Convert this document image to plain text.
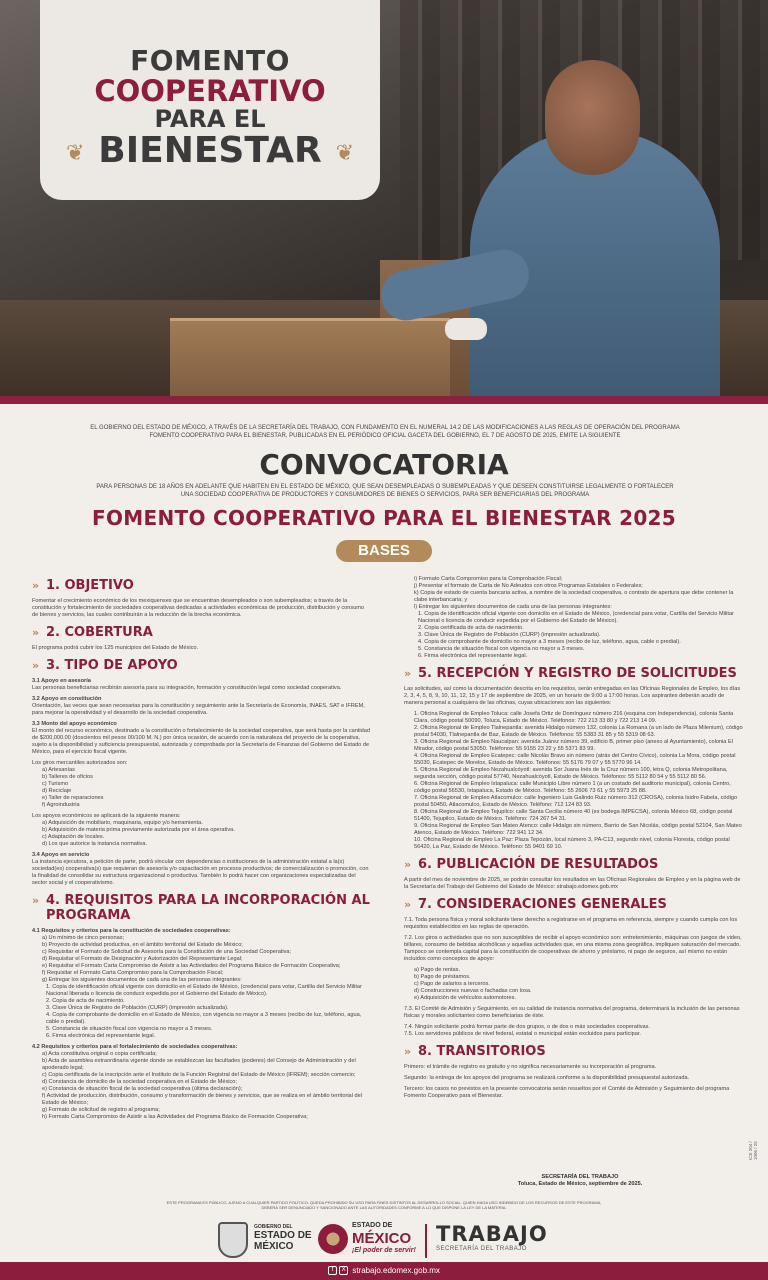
FOMENTO
COOPERATIVO
PARA EL
BIENESTAR
❦	❦
EL GOBIERNO DEL ESTADO DE MÉXICO, A TRAVÉS DE LA SECRETARÍA DEL TRABAJO, CON FUNDAMENTO EN EL NUMERAL 14.2 DE LAS MODIFICACIONES A LAS REGLAS DE OPERACIÓN DEL PROGRAMA FOMENTO COOPERATIVO PARA EL BIENESTAR, PUBLICADAS EN EL PERIÓDICO OFICIAL GACETA DEL GOBIERNO, EL 7 DE AGOSTO DE 2025, EMITE LA SIGUIENTE
CONVOCATORIA
PARA PERSONAS DE 18 AÑOS EN ADELANTE QUE HABITEN EN EL ESTADO DE MÉXICO, QUE SEAN DESEMPLEADAS O SUBEMPLEADAS Y QUE DESEEN CONSTITUIRSE LEGALMENTE O FORTALECER UNA SOCIEDAD COOPERATIVA DE PRODUCTORES Y CONSUMIDORES DE BIENES O SERVICIOS, PARA SER BENEFICIARIAS DEL PROGRAMA
FOMENTO COOPERATIVO PARA EL BIENESTAR 2025
BASES
» 1. OBJETIVO
Fomentar el crecimiento económico de los mexiquenses que se encuentran desempleados o son subempleados; a través de la constitución y fortalecimiento de sociedades cooperativas dedicadas a actividades económicas de producción, distribución y consumo de bienes y servicios, las cuales contribuirán a la reducción de la brecha económica.
» 2. COBERTURA
El programa podrá cubrir los 125 municipios del Estado de México.
» 3. TIPO DE APOYO
3.1 Apoyo en asesoría
Las personas beneficiarias recibirán asesoría para su integración, formación y constitución legal como sociedad cooperativa.
3.2 Apoyo en constitución
Orientación, las veces que sean necesarias para la constitución y seguimiento ante la Secretaría de Economía, INAES, SAT e IFREM, para mejorar la operatividad y el desarrollo de la sociedad cooperativa.
3.3 Monto del apoyo económico
El monto del recurso económico, destinado a la constitución o fortalecimiento de la sociedad cooperativa, que será hasta por la cantidad de $200,000.00 (doscientos mil pesos 00/100 M. N.) por única ocasión, de acuerdo con la naturaleza del proyecto de la cooperativa, sujeto a la disponibilidad y suficiencia presupuestal, autorizada y comprobada por la Secretaría de Finanzas del Gobierno del Estado de México, para el ejercicio fiscal vigente.
Los giros mercantiles autorizados son:
a) Artesanías
b) Talleres de oficios
c) Turismo
d) Reciclaje
e) Taller de reparaciones
f) Agroindustria
Los apoyos económicos se aplicará de la siguiente manera:
a) Adquisición de mobiliario, maquinaria, equipo y/o herramienta.
b) Adquisición de materia prima previamente autorizada por el área operativa.
c) Adaptación de locales.
d) Los que autorice la instancia normativa.
3.4 Apoyo en servicio
La instancia ejecutora, a petición de parte, podrá vincular con dependencias o instituciones de la administración estatal a la(s) sociedad(es) cooperativa(s) que requieran de asesoría y/o capacitación en procesos productivos; de comercialización o promoción, con la finalidad de consolidar su estructura organizacional o productiva. También lo podrá hacer con organizaciones especializadas del sector social y el cooperativismo.
» 4. REQUISITOS PARA LA INCORPORACIÓN AL PROGRAMA
4.1 Requisitos y criterios para la constitución de sociedades cooperativas:
a) Un mínimo de cinco personas;
b) Proyecto de actividad productiva, en el ámbito territorial del Estado de México;
c) Requisitar el Formato de Solicitud de Asesoría para la Constitución de una Sociedad Cooperativa;
d) Requisitar el Formato de Designación y Autorización del Representante Legal;
e) Requisitar el Formato Carta Compromiso de Asistir a las Actividades del Programa Básico de Formación Cooperativa;
f) Requisitar el Formato Carta Compromiso para la Comprobación Fiscal;
g) Entregar los siguientes documentos de cada una de las personas integrantes:
1. Copia de identificación oficial vigente con domicilio en el Estado de México, (credencial para votar, Cartilla del Servicio Militar Nacional liberada o licencia de conducir expedida por el Gobierno del Estado de México).
2. Copia de acta de nacimiento.
3. Clave Única de Registro de Población (CURP) (impresión actualizada).
4. Copia de comprobante de domicilio en el Estado de México, con vigencia no mayor a 3 meses (recibo de luz, teléfono, agua, cable o predial).
5. Constancia de situación fiscal con vigencia no mayor a 3 meses.
6. Firma electrónica del representante legal.
4.2 Requisitos y criterios para el fortalecimiento de sociedades cooperativas:
a) Acta constitutiva original o copia certificada;
b) Acta de asamblea extraordinaria vigente donde se establezcan las facultades (poderes) del Consejo de Administración y del apoderado legal;
c) Copia certificada de la inscripción ante el Instituto de la Función Registral del Estado de México (IFREM); sección comercio;
d) Constancia de domicilio de la sociedad cooperativa en el Estado de México;
e) Constancia de situación fiscal de la sociedad cooperativa (última declaración);
f) Actividad de producción, distribución, consumo y transformación de bienes y servicios, que se realiza en el ámbito territorial del Estado de México;
g) Formato de solicitud de registro al programa;
h) Formato Carta Compromiso de Asistir a las Actividades del Programa Básico de Formación Cooperativa;
i) Formato Carta Compromiso para la Comprobación Fiscal;
j) Presentar el formato de Carta de No Adeudos con otros Programas Estatales o Federales;
k) Copia de estado de cuenta bancaria activa, a nombre de la sociedad cooperativa, o contrato de apertura que debe contener la clabe interbancaria; y
l) Entregar los siguientes documentos de cada una de las personas integrantes:
1. Copia de identificación oficial vigente con domicilio en el Estado de México, (credencial para votar, Cartilla del Servicio Militar Nacional o licencia de conducir expedida por el Gobierno del Estado de México).
2. Copia certificada de acta de nacimiento.
3. Clave Única de Registro de Población (CURP) (impresión actualizada).
4. Copia de comprobante de domicilio no mayor a 3 meses (recibo de luz, teléfono, agua, cable o predial).
5. Constancia de situación fiscal con vigencia no mayor a 3 meses.
6. Firma electrónica del representante legal.
» 5. RECEPCIÓN Y REGISTRO DE SOLICITUDES
Las solicitudes, así como la documentación descrita en los requisitos, serán entregadas en las Oficinas Regionales de Empleo, los días 2, 3, 4, 5, 8, 9, 10, 11, 12, 15 y 17 de septiembre de 2025, en un horario de 9:00 a 17:00 horas. Los aspirantes deberán acudir de manera personal a cualquiera de las oficinas, cuyas ubicaciones son las siguientes:
1. Oficina Regional de Empleo Toluca: calle Josefa Ortiz de Domínguez número 216 (esquina con Independencia), colonia Santa Clara, código postal 50090, Toluca, Estado de México. Teléfonos: 722 213 33 80 y 722 213 14 09.
2. Oficina Regional de Empleo Tlalnepantla: avenida Hidalgo número 132, colonia La Romana (a un lado de Plaza Milenium), código postal 54030, Tlalnepantla de Baz, Estado de México. Teléfonos: 55 5383 31 85 y 55 5319 08 63.
3. Oficina Regional de Empleo Naucalpan: avenida Juárez número 39, edificio B, primer piso (anexo al Ayuntamiento), colonia El Mirador, código postal 53050. Teléfonos: 55 9155 23 22 y 55 5371 83 99.
4. Oficina Regional de Empleo Ecatepec: calle Nicolás Bravo sin número (atrás del Centro Cívico), colonia La Mora, código postal 55030, Ecatepec de Morelos, Estado de México. Teléfonos: 55 5176 79 07 y 55 5770 96 14.
5. Oficina Regional de Empleo Nezahualcóyotl: avenida Sor Juana Inés de la Cruz número 100, letra Q, colonia Metropolitana, segunda sección, código postal 57740, Nezahualcóyotl, Estado de México. Teléfonos: 55 5112 80 54 y 55 5112 80 56.
6. Oficina Regional de Empleo Ixtapaluca: calle Municipio Libre número 1 (a un costado del auditorio municipal), colonia Centro, código postal 56530, Ixtapaluca, Estado de México. Teléfono: 55 2606 73 61 y 55 5973 25 88.
7. Oficina Regional de Empleo Atlacomulco: calle Ingeniero Luis Galindo Ruiz número 312 (CROSA), colonia Isidro Fabela, código postal 50450, Atlacomulco, Estado de México. Teléfono: 712 124 83 93.
8. Oficina Regional de Empleo Tejupilco: calle Santa Cecilia número 40 (ex bodega IMPECSA), colonia México 68, código postal 51400, Tejupilco, Estado de México. Teléfono: 724 267 54 31.
9. Oficina Regional de Empleo San Mateo Atenco: calle Hidalgo sin número, Barrio de San Nicolás, código postal 52104, San Mateo Atenco, Estado de México. Teléfono: 722 941 12 34.
10. Oficina Regional de Empleo La Paz: Plaza Tepozán, local número 3, PA-C13, segundo nivel, colonia Floresta, código postal 56420, La Paz, Estado de México. Teléfono: 55 9401 69 10.
» 6. PUBLICACIÓN DE RESULTADOS
A partir del mes de noviembre de 2025, se podrán consultar los resultados en las Oficinas Regionales de Empleo y en la página web de la Secretaría del Trabajo del Gobierno del Estado de México: strabajo.edomex.gob.mx
» 7. CONSIDERACIONES GENERALES
7.1. Toda persona física y moral solicitante tiene derecho a registrarse en el programa en referencia, siempre y cuando cumpla con los requisitos establecidos en las reglas de operación.
7.2. Los giros o actividades que no son susceptibles de recibir el apoyo económico son: entretenimiento, máquinas con juegos de video, billares, consumo de bebidas alcohólicas y aquellas actividades que, en una misma zona geográfica, impliquen saturación del mercado. Tampoco se contempla capital para la constitución de cooperativas de ahorro y préstamo, ni pago de seguros, así mismo no están incluidos como conceptos de apoyo:
a) Pago de rentas.
b) Pago de préstamos.
c) Pago de salarios a terceros.
d) Construcciones nuevas o fachadas con losa.
e) Adquisición de vehículos automotores.
7.3. El Comité de Admisión y Seguimiento, en su calidad de instancia normativa del programa, determinará la inclusión de las personas físicas y morales solicitantes como beneficiarias de éste.
7.4. Ningún solicitante podrá formar parte de dos grupos, o de dos o más sociedades cooperativas.
7.5. Los servidores públicos de nivel federal, estatal o municipal están excluidos para participar.
» 8. TRANSITORIOS
Primero: el trámite de registro es gratuito y no significa necesariamente su incorporación al programa.
Segundo: la entrega de los apoyos del programa se realizará conforme a la disponibilidad presupuestal autorizada.
Tercero: los casos no previstos en la presente convocatoria serán resueltos por el Comité de Admisión y Seguimiento del programa Fomento Cooperativo para el Bienestar.
SECRETARÍA DEL TRABAJO
Toluca, Estado de México, septiembre de 2025.
ESTE PROGRAMA ES PÚBLICO, AJENO A CUALQUIER PARTIDO POLÍTICO. QUEDA PROHIBIDO SU USO PARA FINES DISTINTOS AL DESARROLLO SOCIAL. QUIEN HAGA USO INDEBIDO DE LOS RECURSOS DE ESTE PROGRAMA, DEBERÁ SER DENUNCIADO Y SANCIONADO ANTE LAS AUTORIDADES CONFORME A LO QUE DISPONE LA LEY DE LA MATERIA.
ICE 204 / 1006 / 25
GOBIERNO DEL
ESTADO DE
MÉXICO
ESTADO DE
MÉXICO
¡El poder de servir!
TRABAJO
SECRETARÍA DEL TRABAJO
f X strabajo.edomex.gob.mx
